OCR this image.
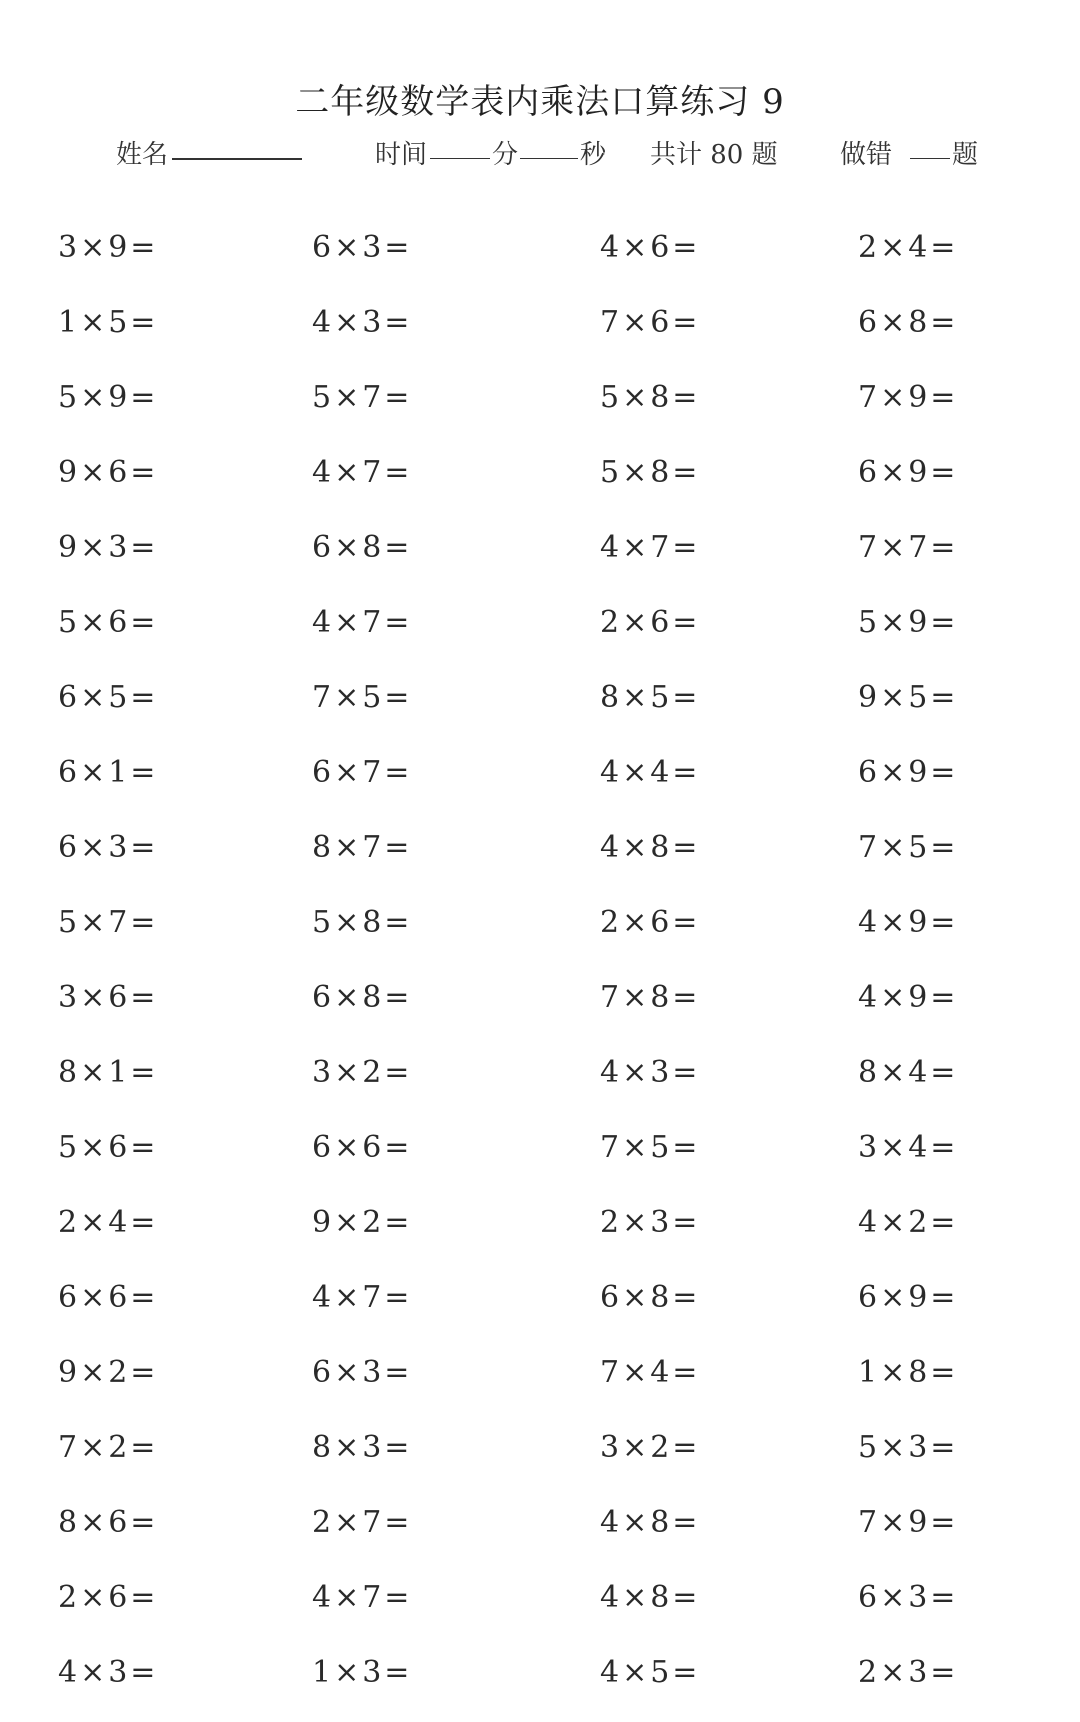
二年级数学表内乘法口算练习 9
姓名	时间 分 秒 共计 80 题 做错 题
3×9=	6×3=	4×6=	2×4=
1×5=	4×3=	7×6=	6×8=
5×9=	5×7=	5×8=	7×9=
9×6=	4×7=	5×8=	6×9=
9×3=	6×8=	4×7=	7×7=
5×6=	4×7=	2×6=	5×9=
6×5=	7×5=	8×5=	9×5=
6×1=	6×7=	4×4=	6×9=
6×3=	8×7=	4×8=	7×5=
5×7=	5×8=	2×6=	4×9=
3×6=	6×8=	7×8=	4×9=
8×1=	3×2=	4×3=	8×4=
5×6=	6×6=	7×5=	3×4=
2×4=	9×2=	2×3=	4×2=
6×6=	4×7=	6×8=	6×9=
9×2=	6×3=	7×4=	1×8=
7×2=	8×3=	3×2=	5×3=
8×6=	2×7=	4×8=	7×9=
2×6=	4×7=	4×8=	6×3=
4×3=	1×3=	4×5=	2×3=
